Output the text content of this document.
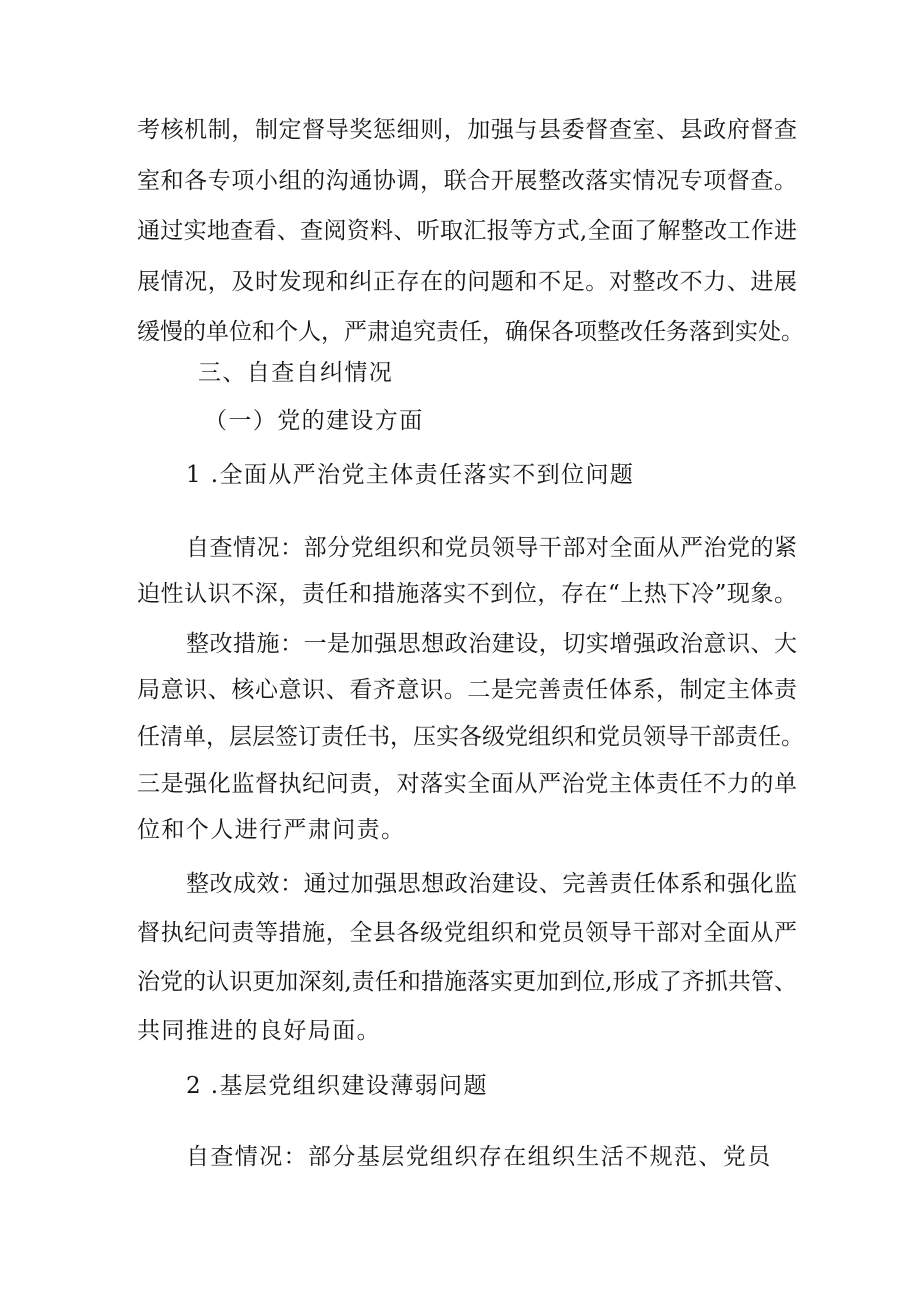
考核机制，制定督导奖惩细则，加强与县委督查室、县政府督查
室和各专项小组的沟通协调，联合开展整改落实情况专项督查。
通过实地查看、查阅资料、听取汇报等方式,全面了解整改工作进
展情况，及时发现和纠正存在的问题和不足。对整改不力、进展
缓慢的单位和个人，严肃追究责任，确保各项整改任务落到实处。
三、自查自纠情况
（一）党的建设方面
1 .全面从严治党主体责任落实不到位问题
自查情况：部分党组织和党员领导干部对全面从严治党的紧
迫性认识不深，责任和措施落实不到位，存在“上热下冷”现象。
整改措施：一是加强思想政治建设，切实增强政治意识、大
局意识、核心意识、看齐意识。二是完善责任体系，制定主体责
任清单，层层签订责任书，压实各级党组织和党员领导干部责任。
三是强化监督执纪问责，对落实全面从严治党主体责任不力的单
位和个人进行严肃问责。
整改成效：通过加强思想政治建设、完善责任体系和强化监
督执纪问责等措施，全县各级党组织和党员领导干部对全面从严
治党的认识更加深刻,责任和措施落实更加到位,形成了齐抓共管、
共同推进的良好局面。
2 .基层党组织建设薄弱问题
自查情况：部分基层党组织存在组织生活不规范、党员
